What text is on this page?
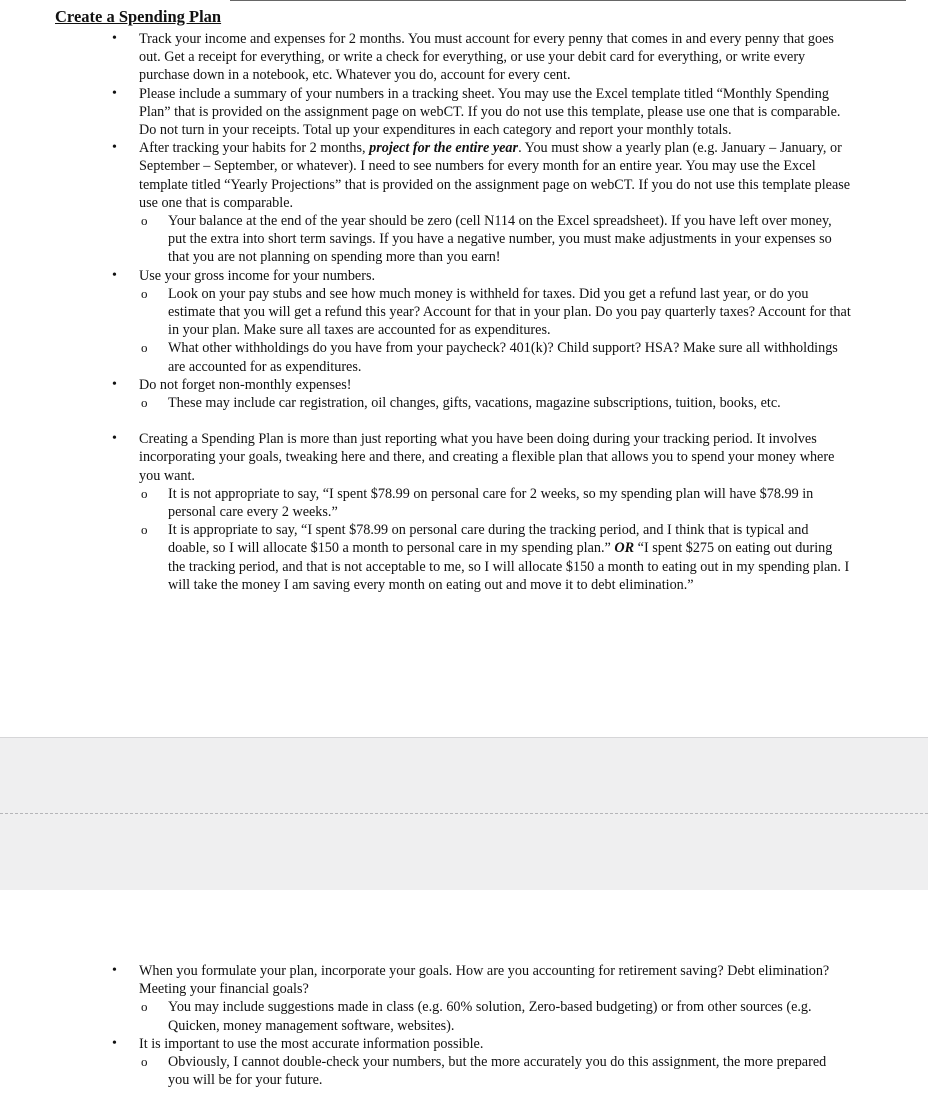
Create a Spending Plan
• Track your income and expenses for 2 months. You must account for every penny that comes in and every penny that goes out. Get a receipt for everything, or write a check for everything, or use your debit card for everything, or write every purchase down in a notebook, etc. Whatever you do, account for every cent.
• Please include a summary of your numbers in a tracking sheet. You may use the Excel template titled “Monthly Spending Plan” that is provided on the assignment page on webCT. If you do not use this template, please use one that is comparable. Do not turn in your receipts. Total up your expenditures in each category and report your monthly totals.
• After tracking your habits for 2 months, project for the entire year. You must show a yearly plan (e.g. January – January, or September – September, or whatever). I need to see numbers for every month for an entire year. You may use the Excel template titled “Yearly Projections” that is provided on the assignment page on webCT. If you do not use this template please use one that is comparable.
o Your balance at the end of the year should be zero (cell N114 on the Excel spreadsheet). If you have left over money, put the extra into short term savings. If you have a negative number, you must make adjustments in your expenses so that you are not planning on spending more than you earn!
• Use your gross income for your numbers.
o Look on your pay stubs and see how much money is withheld for taxes. Did you get a refund last year, or do you estimate that you will get a refund this year? Account for that in your plan. Do you pay quarterly taxes? Account for that in your plan. Make sure all taxes are accounted for as expenditures.
o What other withholdings do you have from your paycheck? 401(k)? Child support? HSA? Make sure all withholdings are accounted for as expenditures.
• Do not forget non-monthly expenses!
o These may include car registration, oil changes, gifts, vacations, magazine subscriptions, tuition, books, etc.
• Creating a Spending Plan is more than just reporting what you have been doing during your tracking period. It involves incorporating your goals, tweaking here and there, and creating a flexible plan that allows you to spend your money where you want.
o It is not appropriate to say, “I spent $78.99 on personal care for 2 weeks, so my spending plan will have $78.99 in personal care every 2 weeks.”
o It is appropriate to say, “I spent $78.99 on personal care during the tracking period, and I think that is typical and doable, so I will allocate $150 a month to personal care in my spending plan.” OR “I spent $275 on eating out during the tracking period, and that is not acceptable to me, so I will allocate $150 a month to eating out in my spending plan. I will take the money I am saving every month on eating out and move it to debt elimination.”
• When you formulate your plan, incorporate your goals. How are you accounting for retirement saving? Debt elimination? Meeting your financial goals?
o You may include suggestions made in class (e.g. 60% solution, Zero-based budgeting) or from other sources (e.g. Quicken, money management software, websites).
• It is important to use the most accurate information possible.
o Obviously, I cannot double-check your numbers, but the more accurately you do this assignment, the more prepared you will be for your future.
